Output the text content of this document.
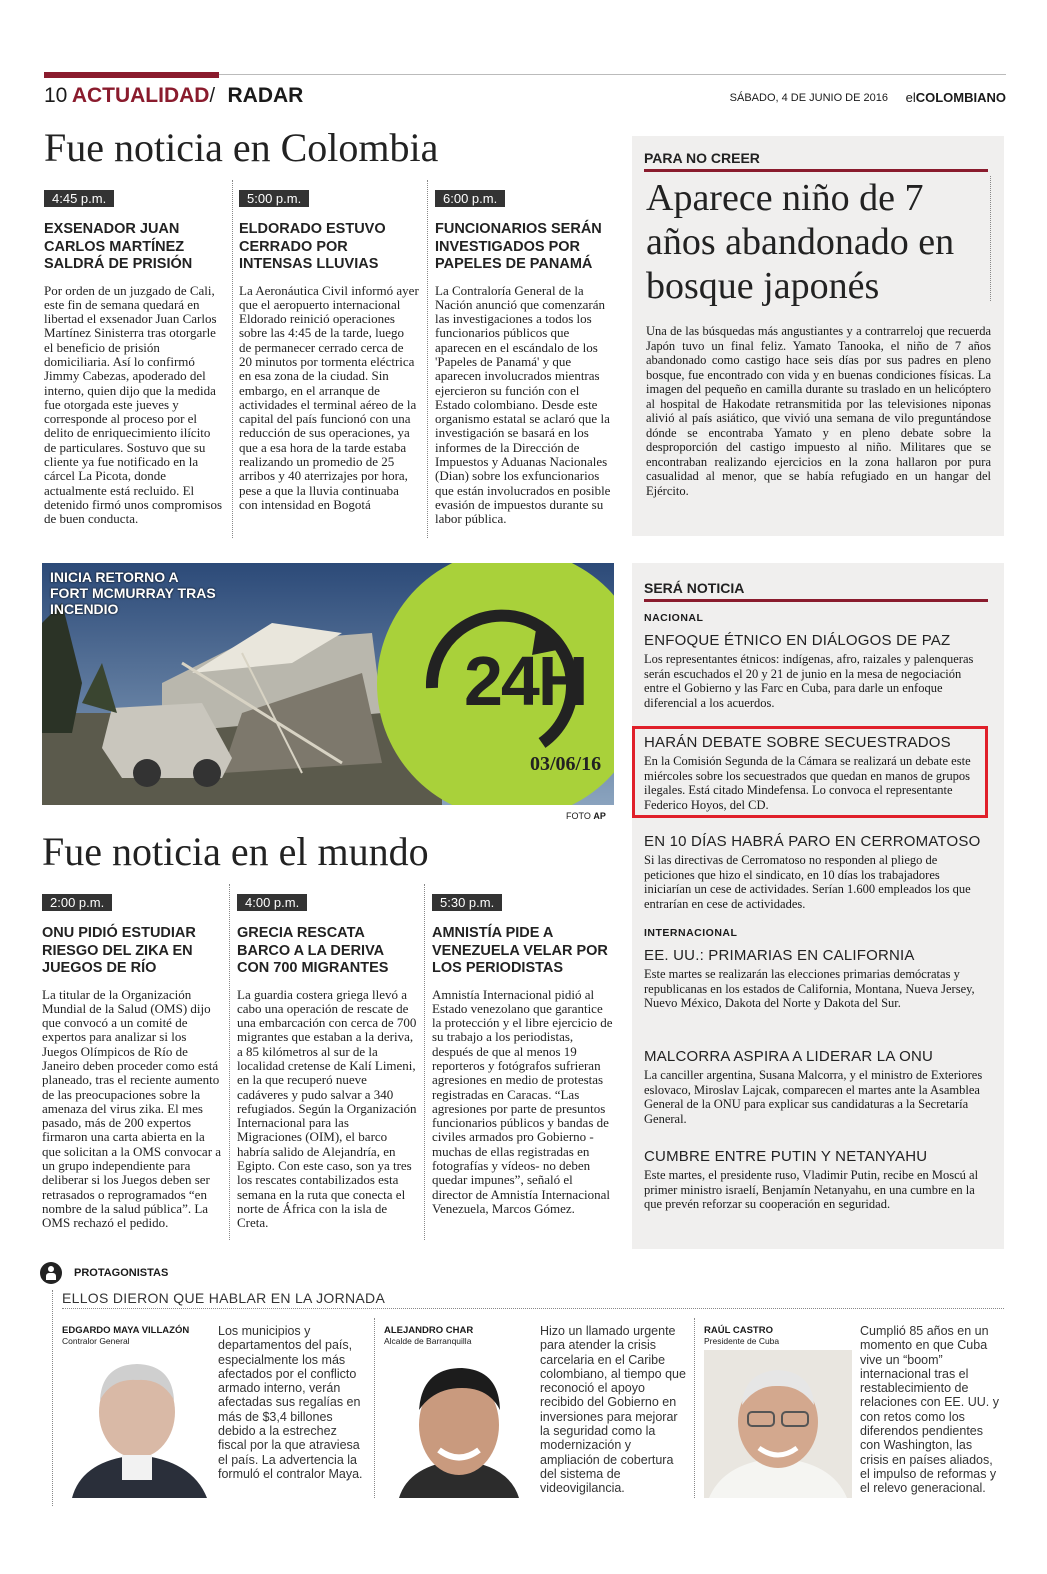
10 ACTUALIDAD/ RADAR	SÁBADO, 4 DE JUNIO DE 2016 elCOLOMBIANO
Fue noticia en Colombia
4:45 p.m.
EXSENADOR JUAN CARLOS MARTÍNEZ SALDRÁ DE PRISIÓN

Por orden de un juzgado de Cali, este fin de semana quedará en libertad el exsenador Juan Carlos Martínez Sinisterra tras otorgarle el beneficio de prisión domiciliaria. Así lo confirmó Jimmy Cabezas, apoderado del interno, quien dijo que la medida fue otorgada este jueves y corresponde al proceso por el delito de enriquecimiento ilícito de particulares. Sostuvo que su cliente ya fue notificado en la cárcel La Picota, donde actualmente está recluido. El detenido firmó unos compromisos de buen conducta.

5:00 p.m.
ELDORADO ESTUVO CERRADO POR INTENSAS LLUVIAS

La Aeronáutica Civil informó ayer que el aeropuerto internacional Eldorado reinició operaciones sobre las 4:45 de la tarde, luego de permanecer cerrado cerca de 20 minutos por tormenta eléctrica en esa zona de la ciudad. Sin embargo, en el arranque de actividades el terminal aéreo de la capital del país funcionó con una reducción de sus operaciones, ya que a esa hora de la tarde estaba realizando un promedio de 25 arribos y 40 aterrizajes por hora, pese a que la lluvia continuaba con intensidad en Bogotá

6:00 p.m.
FUNCIONARIOS SERÁN INVESTIGADOS POR PAPELES DE PANAMÁ

La Contraloría General de la Nación anunció que comenzarán las investigaciones a todos los funcionarios públicos que aparecen en el escándalo de los 'Papeles de Panamá' y que aparecen involucrados mientras ejercieron su función con el Estado colombiano. Desde este organismo estatal se aclaró que la investigación se basará en los informes de la Dirección de Impuestos y Aduanas Nacionales (Dian) sobre los exfuncionarios que están involucrados en posible evasión de impuestos durante su labor pública.

PARA NO CREER
Aparece niño de 7 años abandonado en bosque japonés
Una de las búsquedas más angustiantes y a contrarreloj que recuerda Japón tuvo un final feliz. Yamato Tanooka, el niño de 7 años abandonado como castigo hace seis días por sus padres en pleno bosque, fue encontrado con vida y en buenas condiciones físicas. La imagen del pequeño en camilla durante su traslado en un helicóptero al hospital de Hakodate retransmitida por las televisiones niponas alivió al país asiático, que vivió una semana de vilo preguntándose dónde se encontraba Yamato y en pleno debate sobre la desproporción del castigo impuesto al niño. Militares que se encontraban realizando ejercicios en la zona hallaron por pura casualidad al menor, que se había refugiado en un hangar del Ejército.
INICIA RETORNO A FORT MCMURRAY TRAS INCENDIO
24H
03/06/16
FOTO AP
SERÁ NOTICIA
NACIONAL
ENFOQUE ÉTNICO EN DIÁLOGOS DE PAZ

Los representantes étnicos: indígenas, afro, raizales y palenqueras serán escuchados el 20 y 21 de junio en la mesa de negociación entre el Gobierno y las Farc en Cuba, para darle un enfoque diferencial a los acuerdos.

HARÁN DEBATE SOBRE SECUESTRADOS

En la Comisión Segunda de la Cámara se realizará un debate este miércoles sobre los secuestrados que quedan en manos de grupos ilegales. Está citado Mindefensa. Lo convoca el representante Federico Hoyos, del CD.

EN 10 DÍAS HABRÁ PARO EN CERROMATOSO

Si las directivas de Cerromatoso no responden al pliego de peticiones que hizo el sindicato, en 10 días los trabajadores iniciarían un cese de actividades. Serían 1.600 empleados los que entrarían en cese de actividades.

INTERNACIONAL
EE. UU.: PRIMARIAS EN CALIFORNIA

Este martes se realizarán las elecciones primarias demócratas y republicanas en los estados de California, Montana, Nueva Jersey, Nuevo México, Dakota del Norte y Dakota del Sur.

MALCORRA ASPIRA A LIDERAR LA ONU

La canciller argentina, Susana Malcorra, y el ministro de Exteriores eslovaco, Miroslav Lajcak, comparecen el martes ante la Asamblea General de la ONU para explicar sus candidaturas a la Secretaría General.

CUMBRE ENTRE PUTIN Y NETANYAHU

Este martes, el presidente ruso, Vladimir Putin, recibe en Moscú al primer ministro israelí, Benjamín Netanyahu, en una cumbre en la que prevén reforzar su cooperación en seguridad.

Fue noticia en el mundo
2:00 p.m.
ONU PIDIÓ ESTUDIAR RIESGO DEL ZIKA EN JUEGOS DE RÍO

La titular de la Organización Mundial de la Salud (OMS) dijo que convocó a un comité de expertos para analizar si los Juegos Olímpicos de Río de Janeiro deben proceder como está planeado, tras el reciente aumento de las preocupaciones sobre la amenaza del virus zika. El mes pasado, más de 200 expertos firmaron una carta abierta en la que solicitan a la OMS convocar a un grupo independiente para deliberar si los Juegos deben ser retrasados o reprogramados “en nombre de la salud pública”. La OMS rechazó el pedido.

4:00 p.m.
GRECIA RESCATA BARCO A LA DERIVA CON 700 MIGRANTES

La guardia costera griega llevó a cabo una operación de rescate de una embarcación con cerca de 700 migrantes que estaban a la deriva, a 85 kilómetros al sur de la localidad cretense de Kalí Limeni, en la que recuperó nueve cadáveres y pudo salvar a 340 refugiados. Según la Organización Internacional para las Migraciones (OIM), el barco habría salido de Alejandría, en Egipto. Con este caso, son ya tres los rescates contabilizados esta semana en la ruta que conecta el norte de África con la isla de Creta.

5:30 p.m.
AMNISTÍA PIDE A VENEZUELA VELAR POR LOS PERIODISTAS

Amnistía Internacional pidió al Estado venezolano que garantice la protección y el libre ejercicio de su trabajo a los periodistas, después de que al menos 19 reporteros y fotógrafos sufrieran agresiones en medio de protestas registradas en Caracas. “Las agresiones por parte de presuntos funcionarios públicos y bandas de civiles armados pro Gobierno -muchas de ellas registradas en fotografías y vídeos- no deben quedar impunes”, señaló el director de Amnistía Internacional Venezuela, Marcos Gómez.

PROTAGONISTAS
ELLOS DIERON QUE HABLAR EN LA JORNADA
EDGARDO MAYA VILLAZÓN
Contralor General
Los municipios y departamentos del país, especialmente los más afectados por el conflicto armado interno, verán afectadas sus regalías en más de $3,4 billones debido a la estrechez fiscal por la que atraviesa el país. La advertencia la formuló el contralor Maya.
ALEJANDRO CHAR
Alcalde de Barranquilla
Hizo un llamado urgente para atender la crisis carcelaria en el Caribe colombiano, al tiempo que reconoció el apoyo recibido del Gobierno en inversiones para mejorar la seguridad como la modernización y ampliación de cobertura del sistema de videovigilancia.
RAÚL CASTRO
Presidente de Cuba
Cumplió 85 años en un momento en que Cuba vive un “boom” internacional tras el restablecimiento de relaciones con EE. UU. y con retos como los diferendos pendientes con Washington, las crisis en países aliados, el impulso de reformas y el relevo generacional.
